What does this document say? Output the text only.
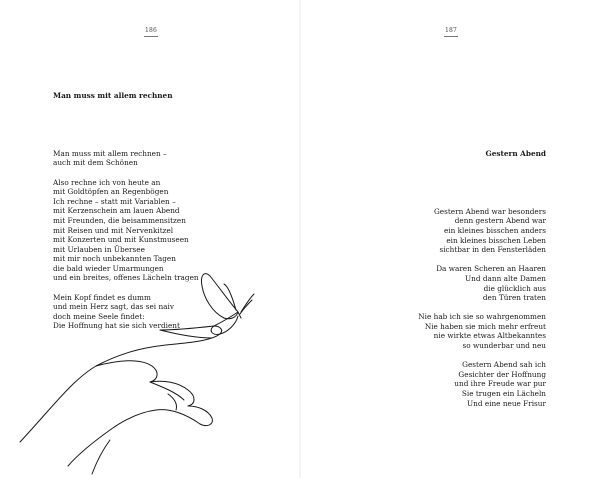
186

Man muss mit allem rechnen

Man muss mit allem rechnen –
auch mit dem Schönen
Also rechne ich von heute an
mit Goldtöpfen an Regenbögen
Ich rechne – statt mit Variablen –
mit Kerzenschein am lauen Abend
mit Freunden, die beisammensitzen
mit Reisen und mit Nervenkitzel
mit Konzerten und mit Kunstmuseen
mit Urlauben in Übersee
mit mir noch unbekannten Tagen
die bald wieder Umarmungen
und ein breites, offenes Lächeln tragen
Mein Kopf findet es dumm
und mein Herz sagt, das sei naiv
doch meine Seele findet:
Die Hoffnung hat sie sich verdient

187

Gestern Abend

Gestern Abend war besonders
denn gestern Abend war
ein kleines bisschen anders
ein kleines bisschen Leben
sichtbar in den Fensterläden
Da waren Scheren an Haaren
Und dann alte Damen
die glücklich aus
den Türen traten
Nie hab ich sie so wahrgenommen
Nie haben sie mich mehr erfreut
nie wirkte etwas Altbekanntes
so wunderbar und neu
Gestern Abend sah ich
Gesichter der Hoffnung
und ihre Freude war pur
Sie trugen ein Lächeln
Und eine neue Frisur
